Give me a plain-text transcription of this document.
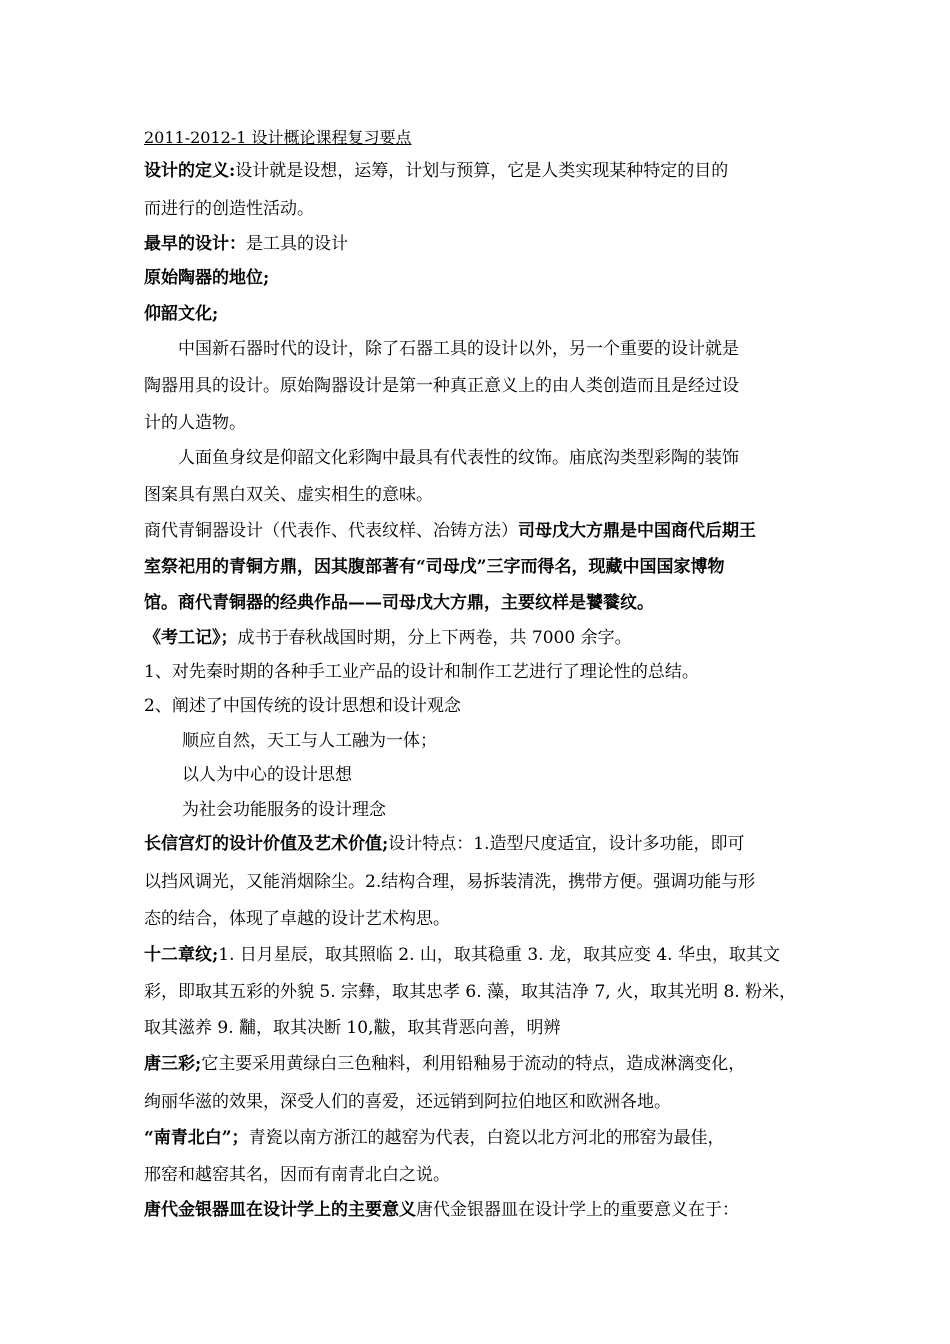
2011-2012-1 设计概论课程复习要点
设计的定义:设计就是设想，运筹，计划与预算，它是人类实现某种特定的目的
而进行的创造性活动。
最早的设计：是工具的设计
原始陶器的地位;
仰韶文化;
中国新石器时代的设计，除了石器工具的设计以外，另一个重要的设计就是
陶器用具的设计。原始陶器设计是第一种真正意义上的由人类创造而且是经过设
计的人造物。
人面鱼身纹是仰韶文化彩陶中最具有代表性的纹饰。庙底沟类型彩陶的装饰
图案具有黑白双关、虚实相生的意味。
商代青铜器设计（代表作、代表纹样、冶铸方法）司母戊大方鼎是中国商代后期王
室祭祀用的青铜方鼎，因其腹部著有“司母戊”三字而得名，现藏中国国家博物
馆。商代青铜器的经典作品——司母戊大方鼎，主要纹样是饕餮纹。
《考工记》；成书于春秋战国时期，分上下两卷，共 7000 余字。
1、对先秦时期的各种手工业产品的设计和制作工艺进行了理论性的总结。
2、阐述了中国传统的设计思想和设计观念
顺应自然，天工与人工融为一体；
以人为中心的设计思想
为社会功能服务的设计理念
长信宫灯的设计价值及艺术价值;设计特点：1.造型尺度适宜，设计多功能，即可
以挡风调光，又能消烟除尘。2.结构合理，易拆装清洗，携带方便。强调功能与形
态的结合，体现了卓越的设计艺术构思。
十二章纹;1. 日月星辰，取其照临 2. 山，取其稳重 3. 龙，取其应变 4. 华虫，取其文
彩，即取其五彩的外貌 5. 宗彝，取其忠孝 6. 藻，取其洁净 7, 火，取其光明 8. 粉米，
取其滋养 9. 黼，取其决断 10,黻，取其背恶向善，明辨
唐三彩;它主要采用黄绿白三色釉料，利用铅釉易于流动的特点，造成淋漓变化，
绚丽华滋的效果，深受人们的喜爱，还远销到阿拉伯地区和欧洲各地。
“南青北白”；青瓷以南方浙江的越窑为代表，白瓷以北方河北的邢窑为最佳，
邢窑和越窑其名，因而有南青北白之说。
唐代金银器皿在设计学上的主要意义唐代金银器皿在设计学上的重要意义在于：
